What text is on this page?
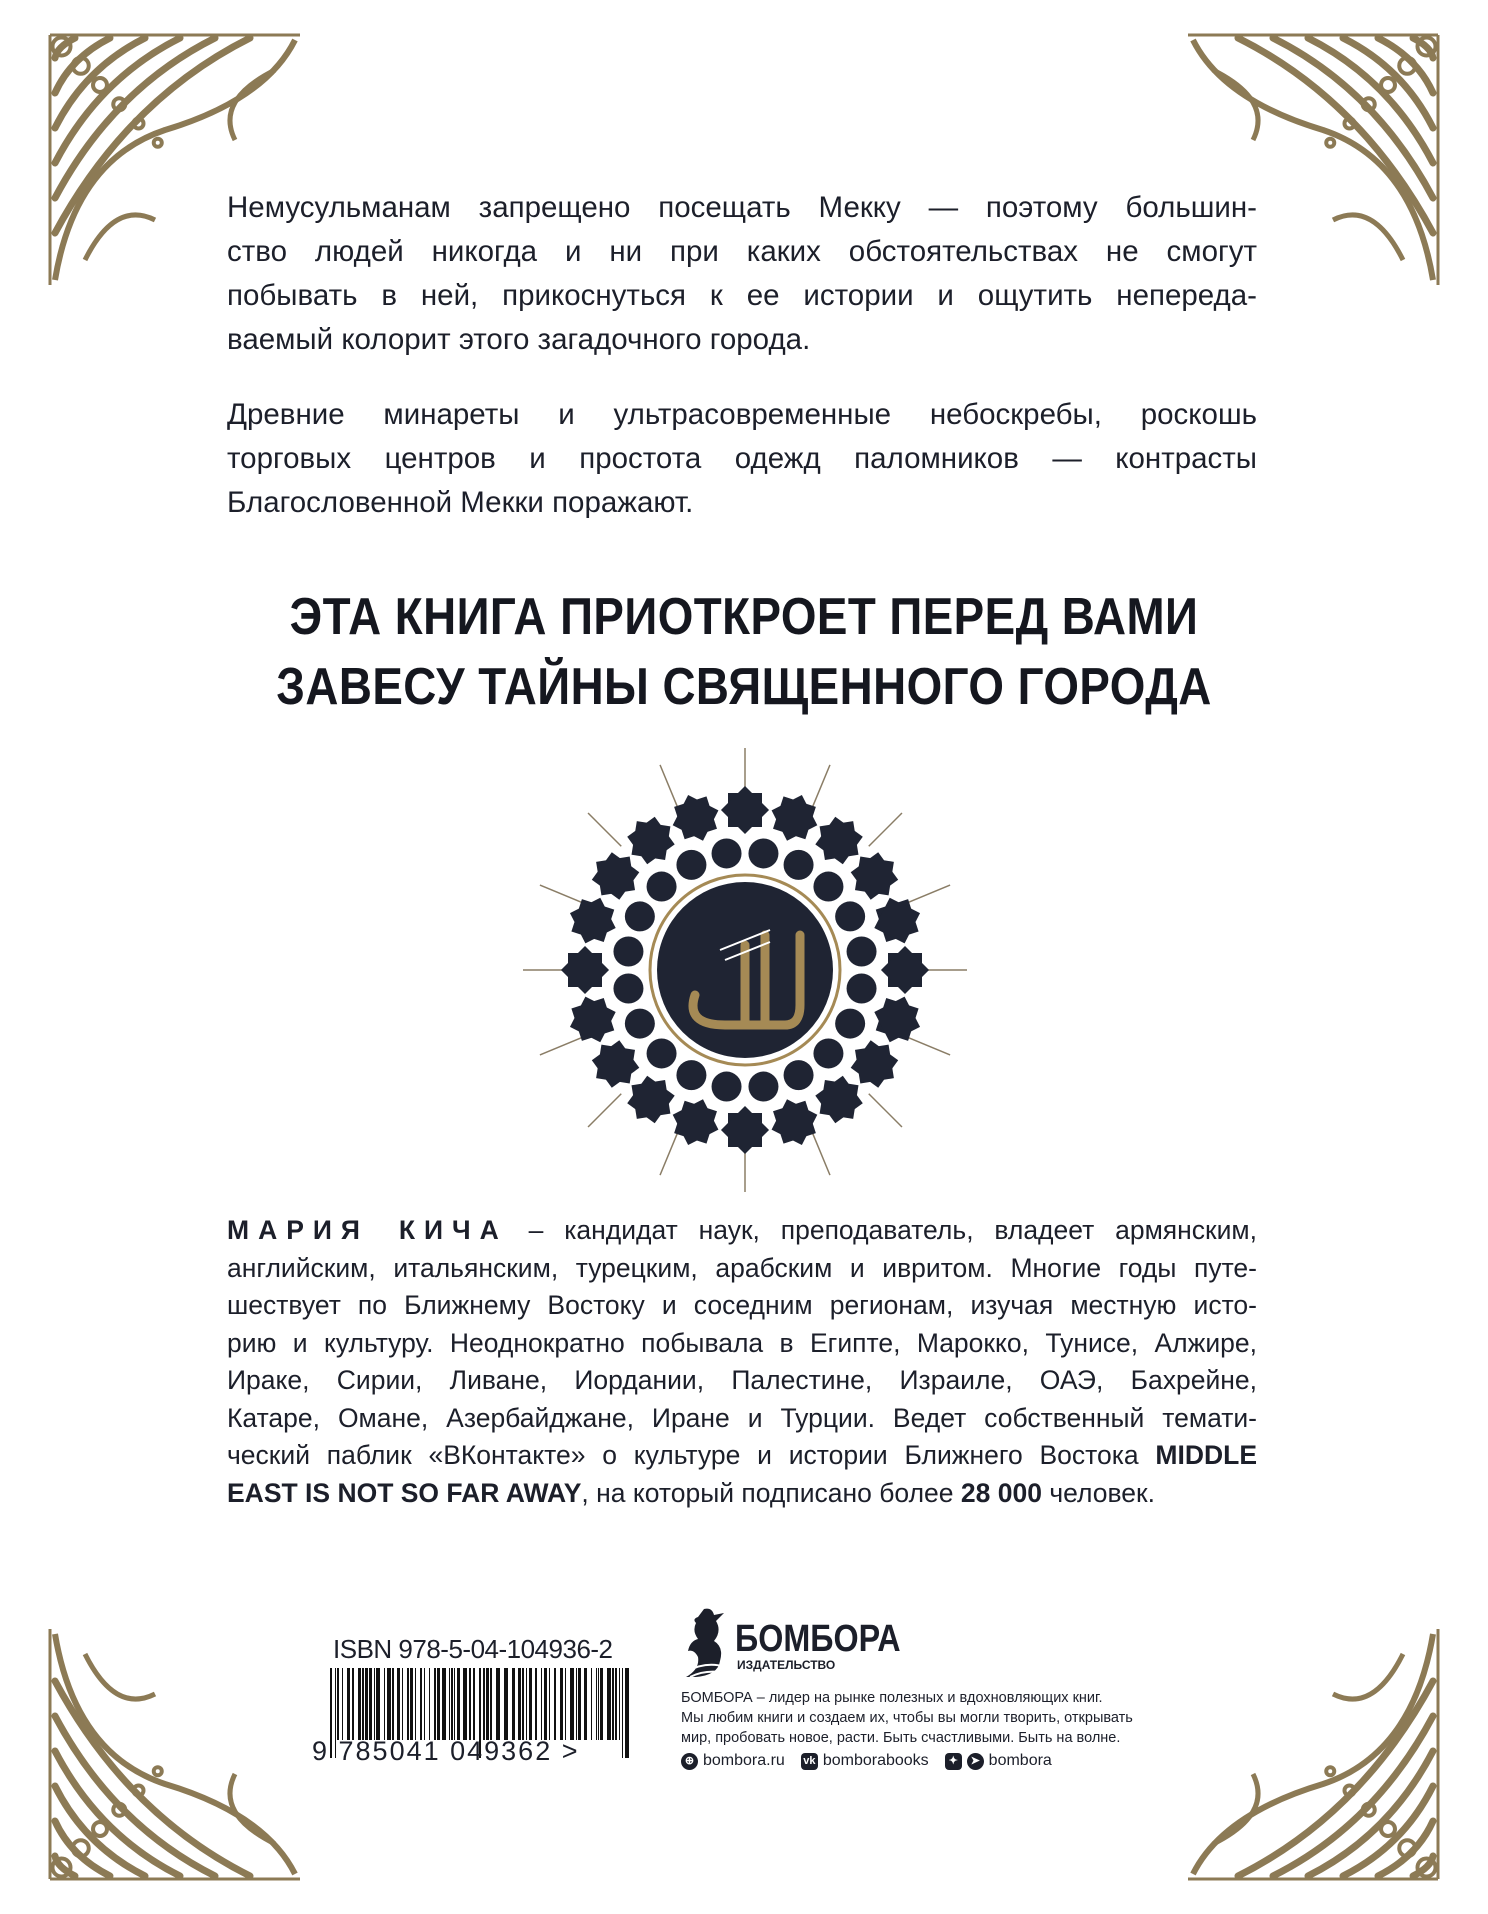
Немусульманам запрещено посещать Мекку — поэтому большин-
ство людей никогда и ни при каких обстоятельствах не смогут
побывать в ней, прикоснуться к ее истории и ощутить непереда-
ваемый колорит этого загадочного города.
Древние минареты и ультрасовременные небоскребы, роскошь
торговых центров и простота одежд паломников — контрасты
Благословенной Мекки поражают.
ЭТА КНИГА ПРИОТКРОЕТ ПЕРЕД ВАМИ
ЗАВЕСУ ТАЙНЫ СВЯЩЕННОГО ГОРОДА
МАРИЯ КИЧА – кандидат наук, преподаватель, владеет армянским,
английским, итальянским, турецким, арабским и ивритом. Многие годы путе-
шествует по Ближнему Востоку и соседним регионам, изучая местную исто-
рию и культуру. Неоднократно побывала в Египте, Марокко, Тунисе, Алжире,
Ираке, Сирии, Ливане, Иордании, Палестине, Израиле, ОАЭ, Бахрейне,
Катаре, Омане, Азербайджане, Иране и Турции. Ведет собственный темати-
ческий паблик «ВКонтакте» о культуре и истории Ближнего Востока MIDDLE
EAST IS NOT SO FAR AWAY, на который подписано более 28 000 человек.
ISBN 978-5-04-104936-2
9 785041 049362 >
БОМБОРА
ИЗДАТЕЛЬСТВО
БОМБОРА – лидер на рынке полезных и вдохновляющих книг.
Мы любим книги и создаем их, чтобы вы могли творить, открывать
мир, пробовать новое, расти. Быть счастливыми. Быть на волне.
⊕ bombora.ru vk bomborabooks	✦	➤ bombora
